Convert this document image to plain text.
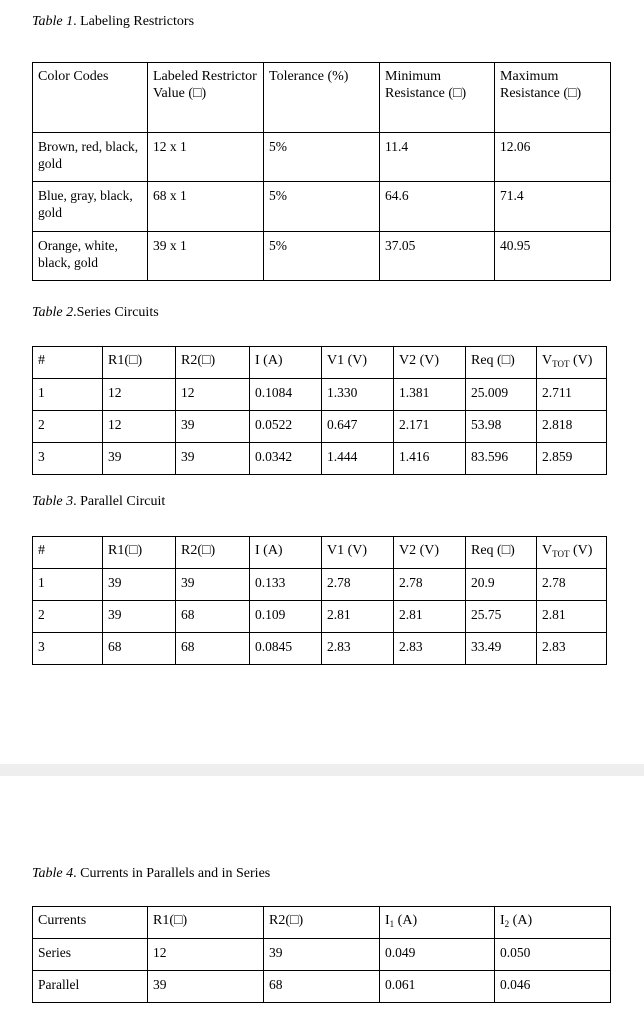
Table 1. Labeling Restrictors
Color Codes	Labeled Restrictor Value (□)	Tolerance (%)	Minimum Resistance (□)	Maximum Resistance (□)
Brown, red, black, gold	12 x 1	5%	11.4	12.06
Blue, gray, black, gold	68 x 1	5%	64.6	71.4
Orange, white, black, gold	39 x 1	5%	37.05	40.95
Table 2.Series Circuits
#	R1(□)	R2(□)	I (A)	V1 (V)	V2 (V)	Req (□)	$V_{TOT}$ (V)
1	12	12	0.1084	1.330	1.381	25.009	2.711
2	12	39	0.0522	0.647	2.171	53.98	2.818
3	39	39	0.0342	1.444	1.416	83.596	2.859
Table 3. Parallel Circuit
#	R1(□)	R2(□)	I (A)	V1 (V)	V2 (V)	Req (□)	$V_{TOT}$ (V)
1	39	39	0.133	2.78	2.78	20.9	2.78
2	39	68	0.109	2.81	2.81	25.75	2.81
3	68	68	0.0845	2.83	2.83	33.49	2.83
Table 4. Currents in Parallels and in Series
Currents	R1(□)	R2(□)	$I_1$ (A)	$I_2$ (A)
Series	12	39	0.049	0.050
Parallel	39	68	0.061	0.046
